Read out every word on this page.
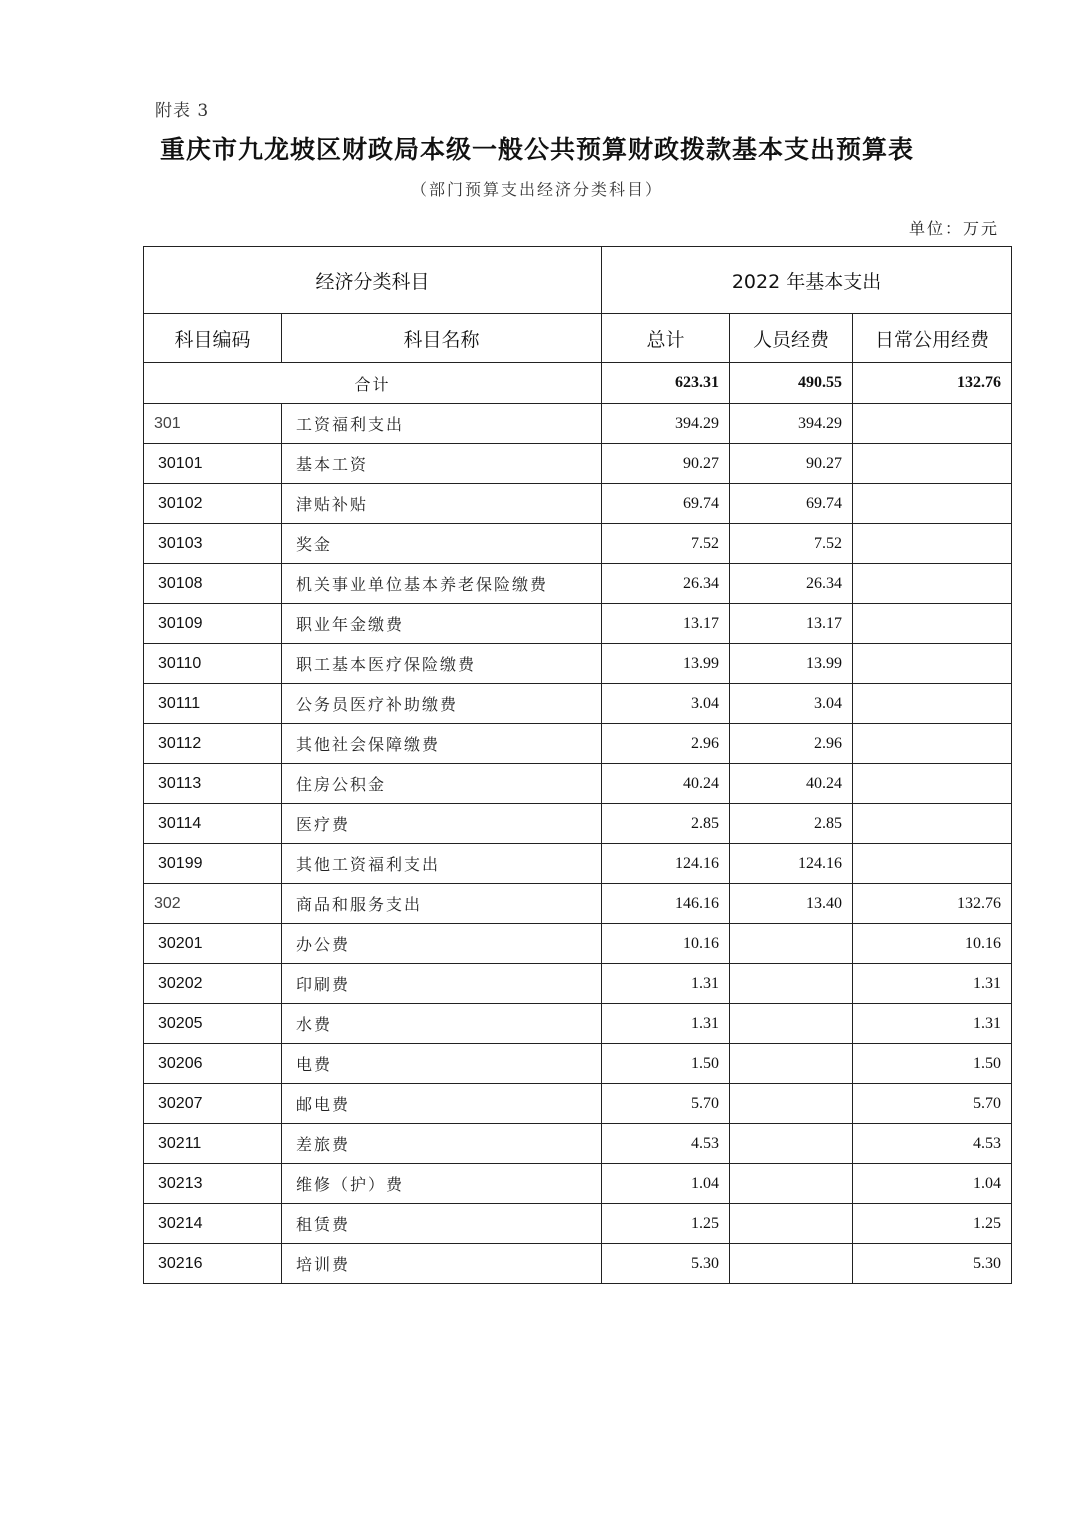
附表 3
重庆市九龙坡区财政局本级一般公共预算财政拨款基本支出预算表
（部门预算支出经济分类科目）
单位：万元
经济分类科目		2022 年基本支出		
科目编码	科目名称	总计	人员经费	日常公用经费
合计		623.31	490.55	132.76
301	工资福利支出	394.29	394.29	
30101	基本工资	90.27	90.27	
30102	津贴补贴	69.74	69.74	
30103	奖金	7.52	7.52	
30108	机关事业单位基本养老保险缴费	26.34	26.34	
30109	职业年金缴费	13.17	13.17	
30110	职工基本医疗保险缴费	13.99	13.99	
30111	公务员医疗补助缴费	3.04	3.04	
30112	其他社会保障缴费	2.96	2.96	
30113	住房公积金	40.24	40.24	
30114	医疗费	2.85	2.85	
30199	其他工资福利支出	124.16	124.16	
302	商品和服务支出	146.16	13.40	132.76
30201	办公费	10.16		10.16
30202	印刷费	1.31		1.31
30205	水费	1.31		1.31
30206	电费	1.50		1.50
30207	邮电费	5.70		5.70
30211	差旅费	4.53		4.53
30213	维修（护）费	1.04		1.04
30214	租赁费	1.25		1.25
30216	培训费	5.30		5.30
